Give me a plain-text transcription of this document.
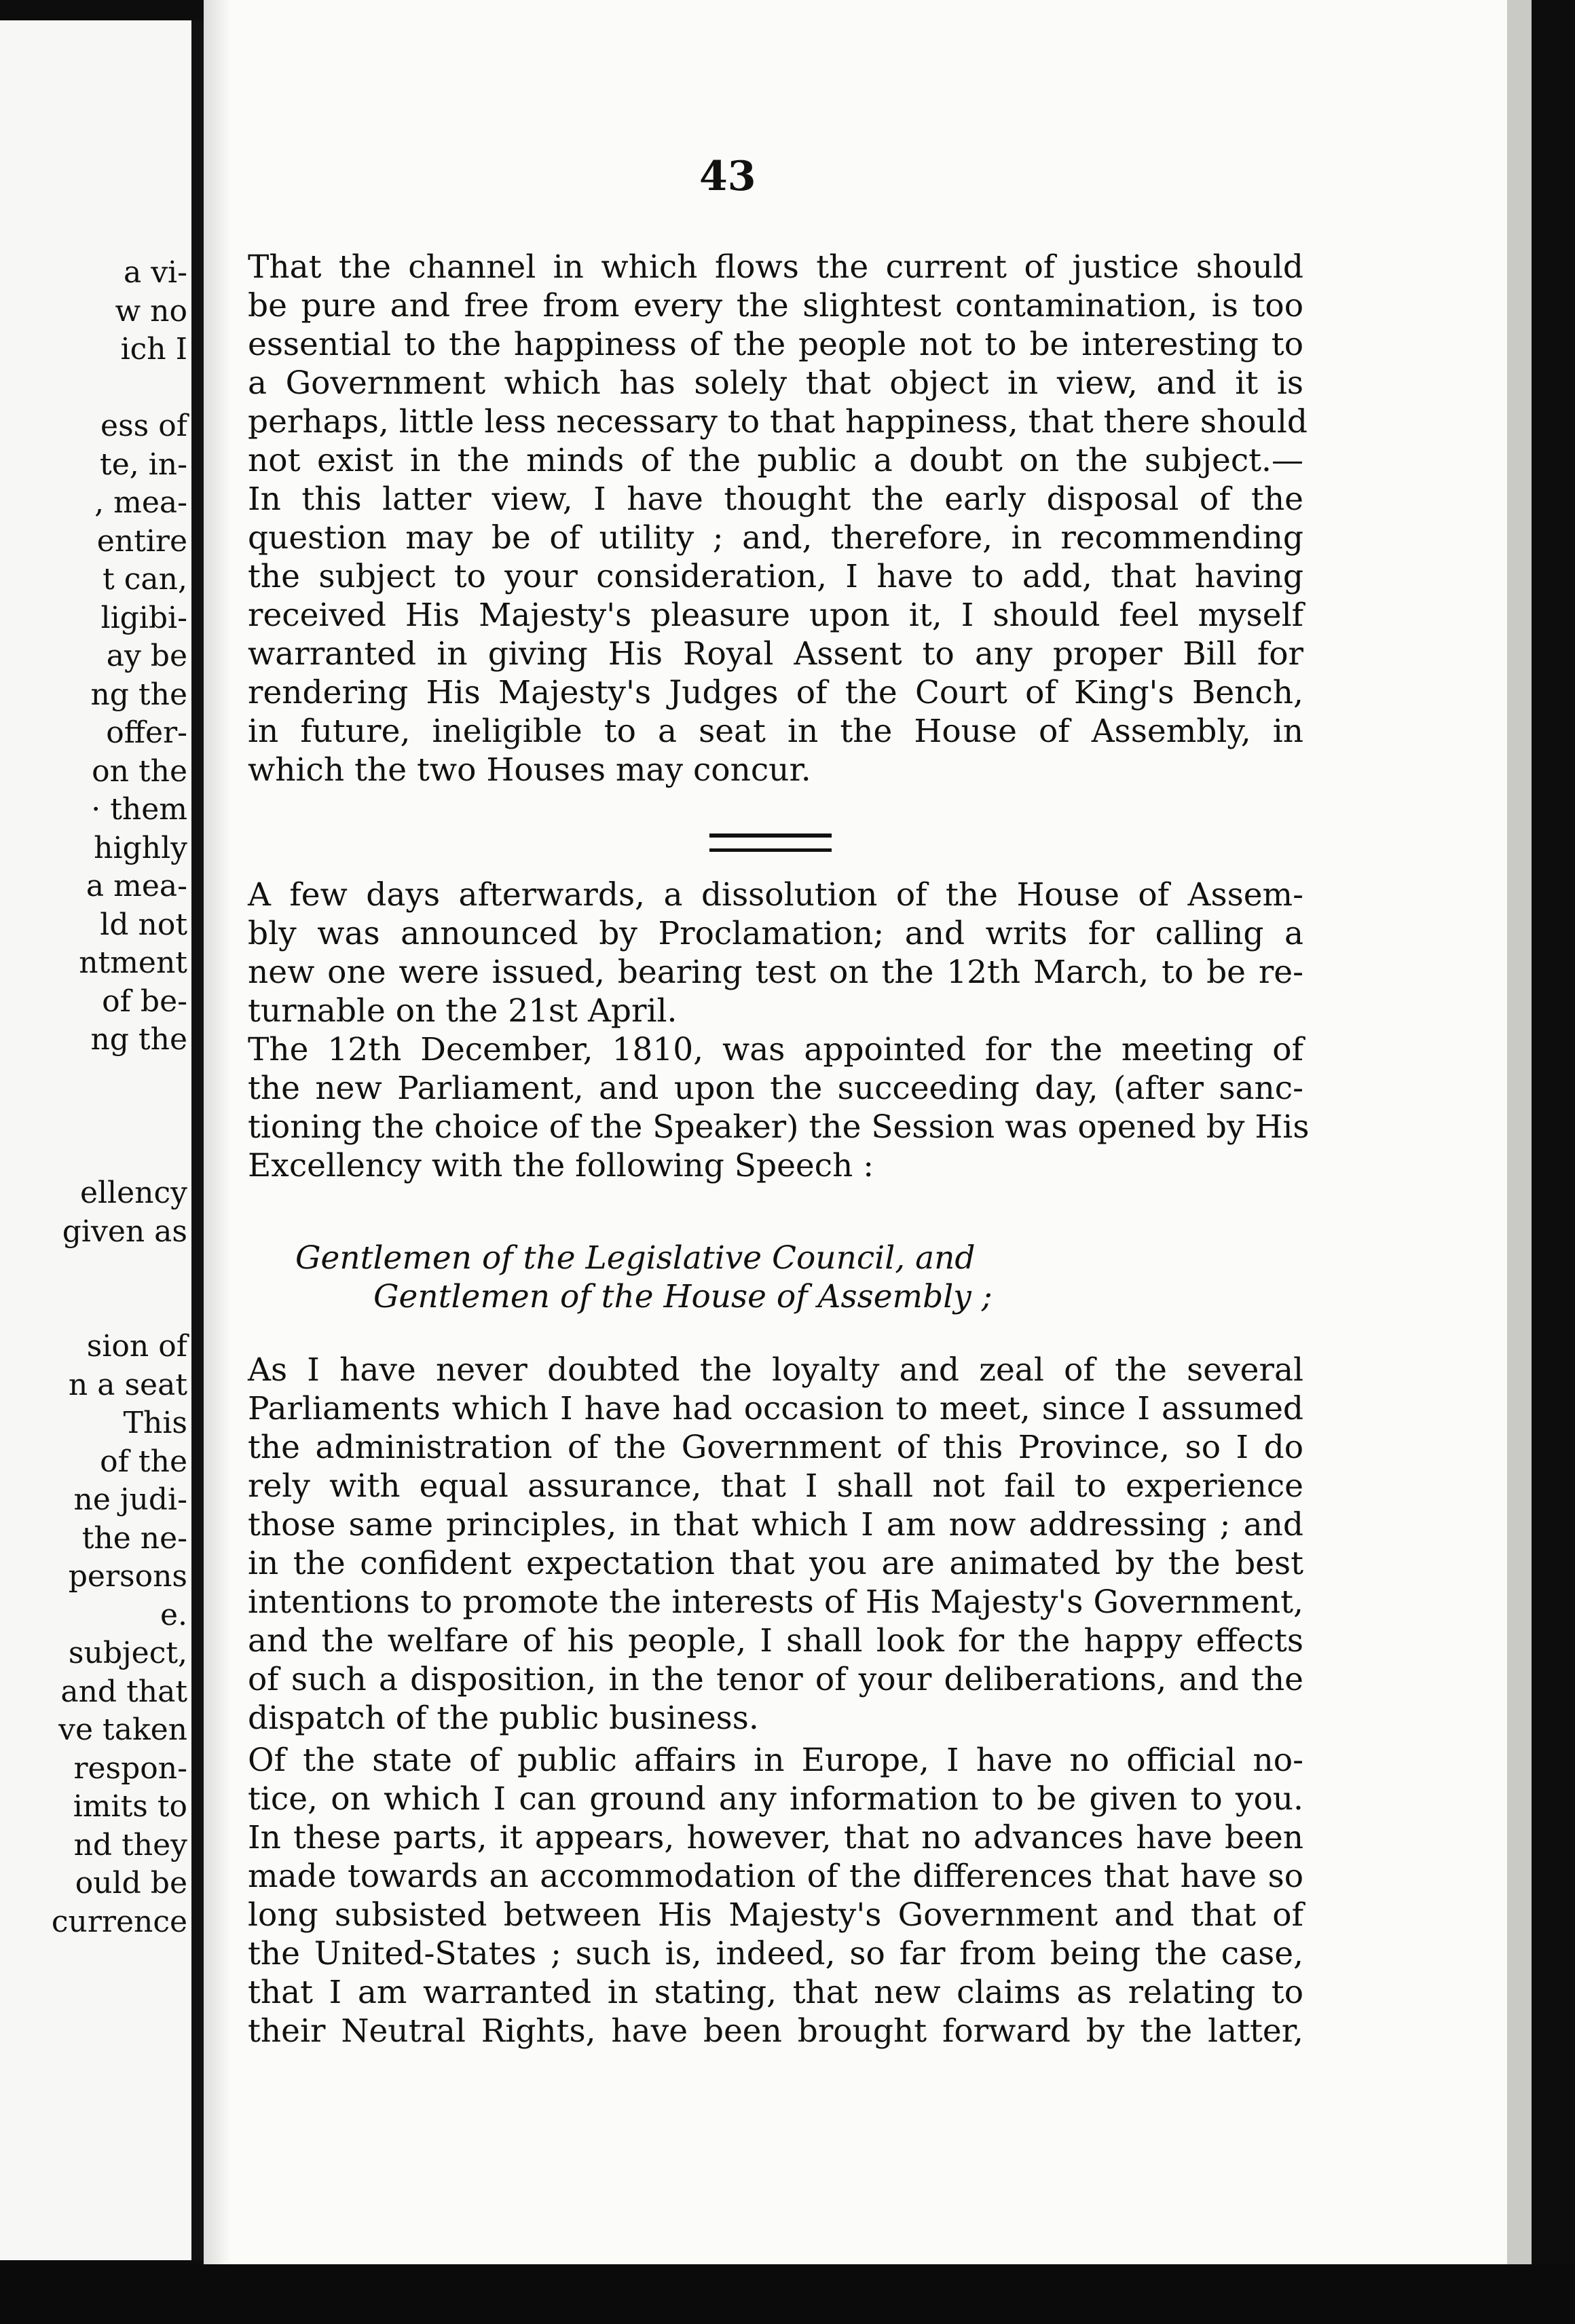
a vi-
w no
ich I
ess of
te, in-
, mea-
entire
t can,
ligibi-
ay be
ng the
offer-
on the
· them
highly
a mea-
ld not
ntment
of be-
ng the
ellency
given as
sion of
n a seat
This
of the
ne judi-
the ne-
persons
e.
subject,
and that
ve taken
respon-
imits to
nd they
ould be
currence
43
That the channel in which flows the current of justice should
be pure and free from every the slightest contamination, is too
essential to the happiness of the people not to be interesting to
a Government which has solely that object in view, and it is
perhaps, little less necessary to that happiness, that there should
not exist in the minds of the public a doubt on the subject.—
In this latter view, I have thought the early disposal of the
question may be of utility ; and, therefore, in recommending
the subject to your consideration, I have to add, that having
received His Majesty's pleasure upon it, I should feel myself
warranted in giving His Royal Assent to any proper Bill for
rendering His Majesty's Judges of the Court of King's Bench,
in future, ineligible to a seat in the House of Assembly, in
which the two Houses may concur.
A few days afterwards, a dissolution of the House of Assem-
bly was announced by Proclamation; and writs for calling a
new one were issued, bearing test on the 12th March, to be re-
turnable on the 21st April.
The 12th December, 1810, was appointed for the meeting of
the new Parliament, and upon the succeeding day, (after sanc-
tioning the choice of the Speaker) the Session was opened by His
Excellency with the following Speech :
Gentlemen of the Legislative Council, and
Gentlemen of the House of Assembly ;
As I have never doubted the loyalty and zeal of the several
Parliaments which I have had occasion to meet, since I assumed
the administration of the Government of this Province, so I do
rely with equal assurance, that I shall not fail to experience
those same principles, in that which I am now addressing ; and
in the confident expectation that you are animated by the best
intentions to promote the interests of His Majesty's Government,
and the welfare of his people, I shall look for the happy effects
of such a disposition, in the tenor of your deliberations, and the
dispatch of the public business.
Of the state of public affairs in Europe, I have no official no-
tice, on which I can ground any information to be given to you.
In these parts, it appears, however, that no advances have been
made towards an accommodation of the differences that have so
long subsisted between His Majesty's Government and that of
the United-States ; such is, indeed, so far from being the case,
that I am warranted in stating, that new claims as relating to
their Neutral Rights, have been brought forward by the latter,
